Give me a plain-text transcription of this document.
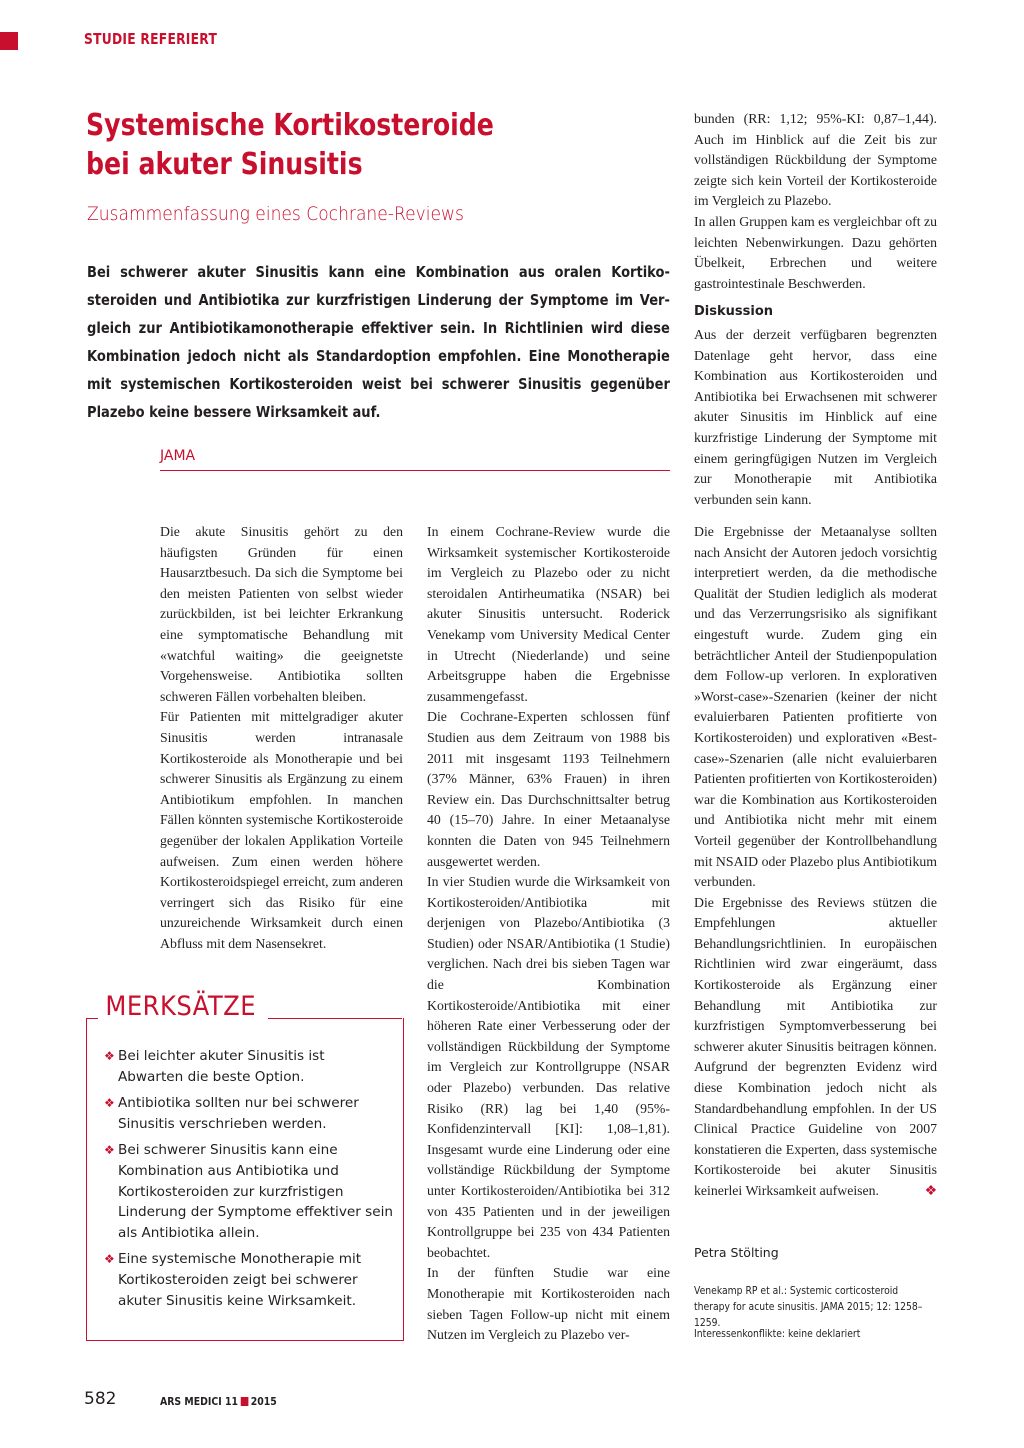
STUDIE REFERIERT
Systemische Kortikosteroide
bei akuter Sinusitis
Zusammenfassung eines Cochrane-Reviews
Bei schwerer akuter Sinusitis kann eine Kombination aus oralen Kortiko-
steroiden und Antibiotika zur kurzfristigen Linderung der Symptome im Ver-
gleich zur Antibiotikamonotherapie effektiver sein. In Richtlinien wird diese
Kombination jedoch nicht als Standardoption empfohlen. Eine Monotherapie
mit systemischen Kortikosteroiden weist bei schwerer Sinusitis gegenüber
Plazebo keine bessere Wirksamkeit auf.
JAMA

Die akute Sinusitis gehört zu den häufigsten Gründen für einen Hausarztbesuch. Da sich die Symptome bei den meisten Patienten von selbst wieder zurückbilden, ist bei leichter Erkrankung eine symptomatische Behandlung mit «watchful waiting» die geeignetste Vorgehensweise. Antibiotika sollten schweren Fällen vorbehalten bleiben.

Für Patienten mit mittelgradiger akuter Sinusitis werden intranasale Kortikosteroide als Monotherapie und bei schwerer Sinusitis als Ergänzung zu einem Antibiotikum empfohlen. In manchen Fällen könnten systemische Kortikosteroide gegenüber der lokalen Applikation Vorteile aufweisen. Zum einen werden höhere Kortikosteroidspiegel erreicht, zum anderen verringert sich das Risiko für eine unzureichende Wirksamkeit durch einen Abfluss mit dem Nasensekret.

In einem Cochrane-Review wurde die Wirksamkeit systemischer Kortikosteroide im Vergleich zu Plazebo oder zu nicht steroidalen Antirheumatika (NSAR) bei akuter Sinusitis untersucht. Roderick Venekamp vom University Medical Center in Utrecht (Niederlande) und seine Arbeitsgruppe haben die Ergebnisse zusammengefasst.

Die Cochrane-Experten schlossen fünf Studien aus dem Zeitraum von 1988 bis 2011 mit insgesamt 1193 Teilnehmern (37% Männer, 63% Frauen) in ihren Review ein. Das Durchschnittsalter betrug 40 (15–70) Jahre. In einer Metaanalyse konnten die Daten von 945 Teilnehmern ausgewertet werden.

In vier Studien wurde die Wirksamkeit von Kortikosteroiden/Antibiotika mit derjenigen von Plazebo/Antibiotika (3 Studien) oder NSAR/Antibiotika (1 Studie) verglichen. Nach drei bis sieben Tagen war die Kombination Kortikosteroide/Antibiotika mit einer höheren Rate einer Verbesserung oder der vollständigen Rückbildung der Symptome im Vergleich zur Kontrollgruppe (NSAR oder Plazebo) verbunden. Das relative Risiko (RR) lag bei 1,40 (95%-Konfidenzintervall [KI]: 1,08–1,81). Insgesamt wurde eine Linderung oder eine vollständige Rückbildung der Symptome unter Kortikosteroiden/Antibiotika bei 312 von 435 Patienten und in der jeweiligen Kontrollgruppe bei 235 von 434 Patienten beobachtet.

In der fünften Studie war eine Monotherapie mit Kortikosteroiden nach sieben Tagen Follow-up nicht mit einem Nutzen im Vergleich zu Plazebo ver-

bunden (RR: 1,12; 95%-KI: 0,87–1,44). Auch im Hinblick auf die Zeit bis zur vollständigen Rückbildung der Symptome zeigte sich kein Vorteil der Kortikosteroide im Vergleich zu Plazebo.

In allen Gruppen kam es vergleichbar oft zu leichten Nebenwirkungen. Dazu gehörten Übelkeit, Erbrechen und weitere gastrointestinale Beschwerden.

Diskussion

Aus der derzeit verfügbaren begrenzten Datenlage geht hervor, dass eine Kombination aus Kortikosteroiden und Antibiotika bei Erwachsenen mit schwerer akuter Sinusitis im Hinblick auf eine kurzfristige Linderung der Symptome mit einem geringfügigen Nutzen im Vergleich zur Monotherapie mit Antibiotika verbunden sein kann.

Die Ergebnisse der Metaanalyse sollten nach Ansicht der Autoren jedoch vorsichtig interpretiert werden, da die methodische Qualität der Studien lediglich als moderat und das Verzerrungsrisiko als signifikant eingestuft wurde. Zudem ging ein beträchtlicher Anteil der Studienpopulation dem Follow-up verloren. In explorativen »Worst-case»-Szenarien (keiner der nicht evaluierbaren Patienten profitierte von Kortikosteroiden) und explorativen «Best-case»-Szenarien (alle nicht evaluierbaren Patienten profitierten von Kortikosteroiden) war die Kombination aus Kortikosteroiden und Antibiotika nicht mehr mit einem Vorteil gegenüber der Kontrollbehandlung mit NSAID oder Plazebo plus Antibiotikum verbunden.

Die Ergebnisse des Reviews stützen die Empfehlungen aktueller Behandlungsrichtlinien. In europäischen Richtlinien wird zwar eingeräumt, dass Kortikosteroide als Ergänzung einer Behandlung mit Antibiotika zur kurzfristigen Symptomverbesserung bei schwerer akuter Sinusitis beitragen können. Aufgrund der begrenzten Evidenz wird diese Kombination jedoch nicht als Standardbehandlung empfohlen. In der US Clinical Practice Guideline von 2007 konstatieren die Experten, dass systemische Kortikosteroide bei akuter Sinusitis keinerlei Wirksamkeit aufweisen.	❖

MERKSÄTZE
❖ Bei leichter akuter Sinusitis ist Abwarten die beste Option.
❖ Antibiotika sollten nur bei schwerer Sinusitis verschrieben werden.
❖ Bei schwerer Sinusitis kann eine Kombination aus Antibiotika und Kortikosteroiden zur kurzfristigen Linderung der Symptome effektiver sein als Antibiotika allein.
❖ Eine systemische Monotherapie mit Kortikosteroiden zeigt bei schwerer akuter Sinusitis keine Wirksamkeit.
Petra Stölting
Venekamp RP et al.: Systemic corticosteroid therapy for acute sinusitis. JAMA 2015; 12: 1258–1259.
Interessenkonflikte: keine deklariert
582	ARS MEDICI 11 2015
